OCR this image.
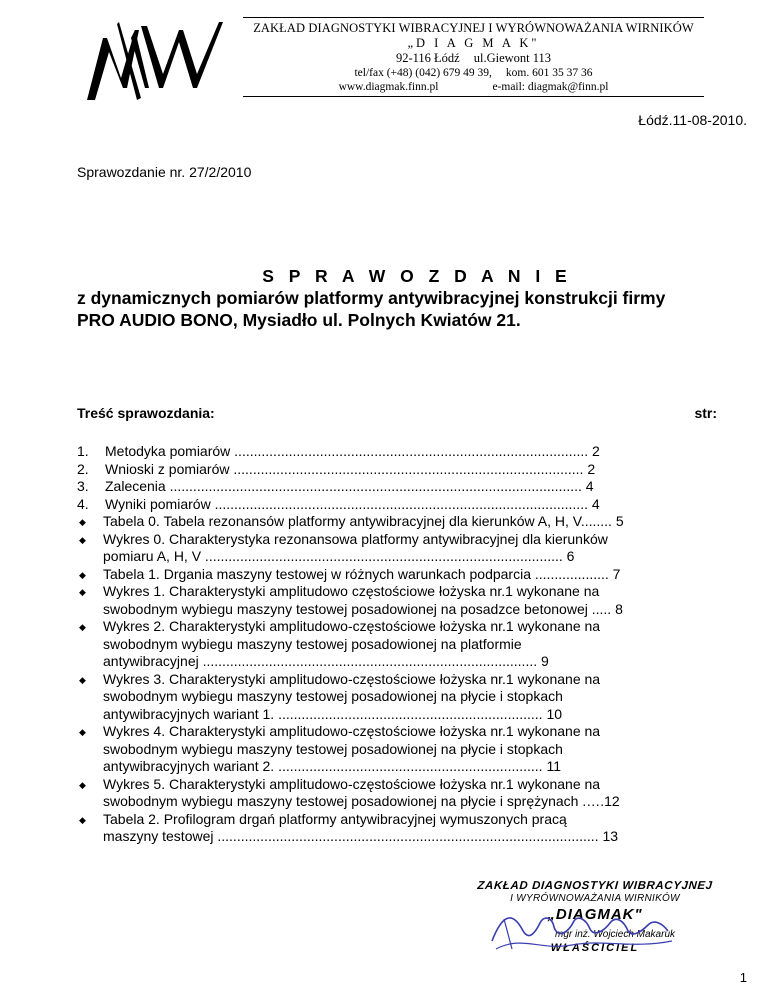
ZAKŁAD DIAGNOSTYKI WIBRACYJNEJ I WYRÓWNOWAŻANIA WIRNIKÓW
„D I A G M A K"
92-116 Łódź ul.Giewont 113
tel/fax (+48) (042) 679 49 39, kom. 601 35 37 36
www.diagmak.finn.pl	e-mail: diagmak@finn.pl
Łódź.11-08-2010.
Sprawozdanie nr. 27/2/2010
S P R A W O Z D A N I E
z dynamicznych pomiarów platformy antywibracyjnej konstrukcji firmy
PRO AUDIO BONO, Mysiadło ul. Polnych Kwiatów 21.
Treść sprawozdania:	str:
1. Metodyka pomiarów ........................................................................................... 2
2. Wnioski z pomiarów .......................................................................................... 2
3. Zalecenia .......................................................................................................... 4
4. Wyniki pomiarów ................................................................................................ 4
◆ Tabela 0. Tabela rezonansów platformy antywibracyjnej dla kierunków A, H, V........ 5
◆ Wykres 0. Charakterystyka rezonansowa platformy antywibracyjnej dla kierunków
pomiaru A, H, V ............................................................................................ 6
◆ Tabela 1. Drgania maszyny testowej w różnych warunkach podparcia ................... 7
◆ Wykres 1. Charakterystyki amplitudowo częstościowe łożyska nr.1 wykonane na
swobodnym wybiegu maszyny testowej posadowionej na posadzce betonowej ..... 8
◆ Wykres 2. Charakterystyki amplitudowo-częstościowe łożyska nr.1 wykonane na
swobodnym wybiegu maszyny testowej posadowionej na platformie
antywibracyjnej ...................................................................................... 9
◆ Wykres 3. Charakterystyki amplitudowo-częstościowe łożyska nr.1 wykonane na
swobodnym wybiegu maszyny testowej posadowionej na płycie i stopkach
antywibracyjnych wariant 1. .................................................................... 10
◆ Wykres 4. Charakterystyki amplitudowo-częstościowe łożyska nr.1 wykonane na
swobodnym wybiegu maszyny testowej posadowionej na płycie i stopkach
antywibracyjnych wariant 2. .................................................................... 11
◆ Wykres 5. Charakterystyki amplitudowo-częstościowe łożyska nr.1 wykonane na
swobodnym wybiegu maszyny testowej posadowionej na płycie i sprężynach .….12
◆ Tabela 2. Profilogram drgań platformy antywibracyjnej wymuszonych pracą
maszyny testowej .................................................................................................. 13
ZAKŁAD DIAGNOSTYKI WIBRACYJNEJ
I WYRÓWNOWAŻANIA WIRNIKÓW
„DIAGMAK"
mgr inż. Wojciech Makaruk
WŁAŚCICIEL
1
